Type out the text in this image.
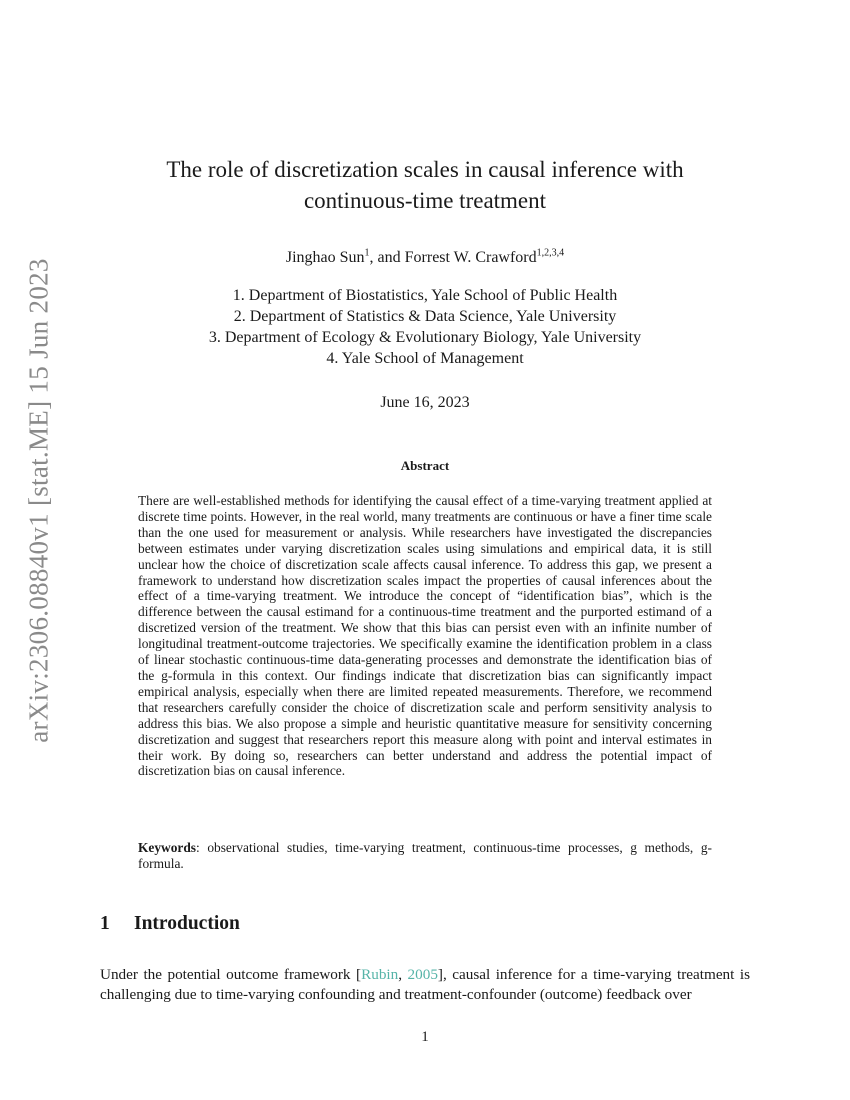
arXiv:2306.08840v1 [stat.ME] 15 Jun 2023
The role of discretization scales in causal inference with
continuous-time treatment
Jinghao Sun$^1$, and Forrest W. Crawford$^{1,2,3,4}$
1. Department of Biostatistics, Yale School of Public Health
2. Department of Statistics & Data Science, Yale University
3. Department of Ecology & Evolutionary Biology, Yale University
4. Yale School of Management
June 16, 2023
Abstract

There are well-established methods for identifying the causal effect of a time-varying treatment applied at discrete time points. However, in the real world, many treatments are continuous or have a finer time scale than the one used for measurement or analysis. While researchers have investigated the discrepancies between estimates under varying discretization scales using simulations and empirical data, it is still unclear how the choice of discretization scale affects causal inference. To address this gap, we present a framework to understand how discretization scales impact the properties of causal inferences about the effect of a time-varying treatment. We introduce the concept of “identification bias”, which is the difference between the causal estimand for a continuous-time treatment and the purported estimand of a discretized version of the treatment. We show that this bias can persist even with an infinite number of longitudinal treatment-outcome trajectories. We specifically examine the identification problem in a class of linear stochastic continuous-time data-generating processes and demonstrate the identification bias of the g-formula in this context. Our findings indicate that discretization bias can significantly impact empirical analysis, especially when there are limited repeated measurements. Therefore, we recommend that researchers carefully consider the choice of discretization scale and perform sensitivity analysis to address this bias. We also propose a simple and heuristic quantitative measure for sensitivity concerning discretization and suggest that researchers report this measure along with point and interval estimates in their work. By doing so, researchers can better understand and address the potential impact of discretization bias on causal inference.

Keywords: observational studies, time-varying treatment, continuous-time processes, g methods, g-formula.

1 Introduction

Under the potential outcome framework [Rubin, 2005], causal inference for a time-varying treatment is challenging due to time-varying confounding and treatment-confounder (outcome) feedback over

1
